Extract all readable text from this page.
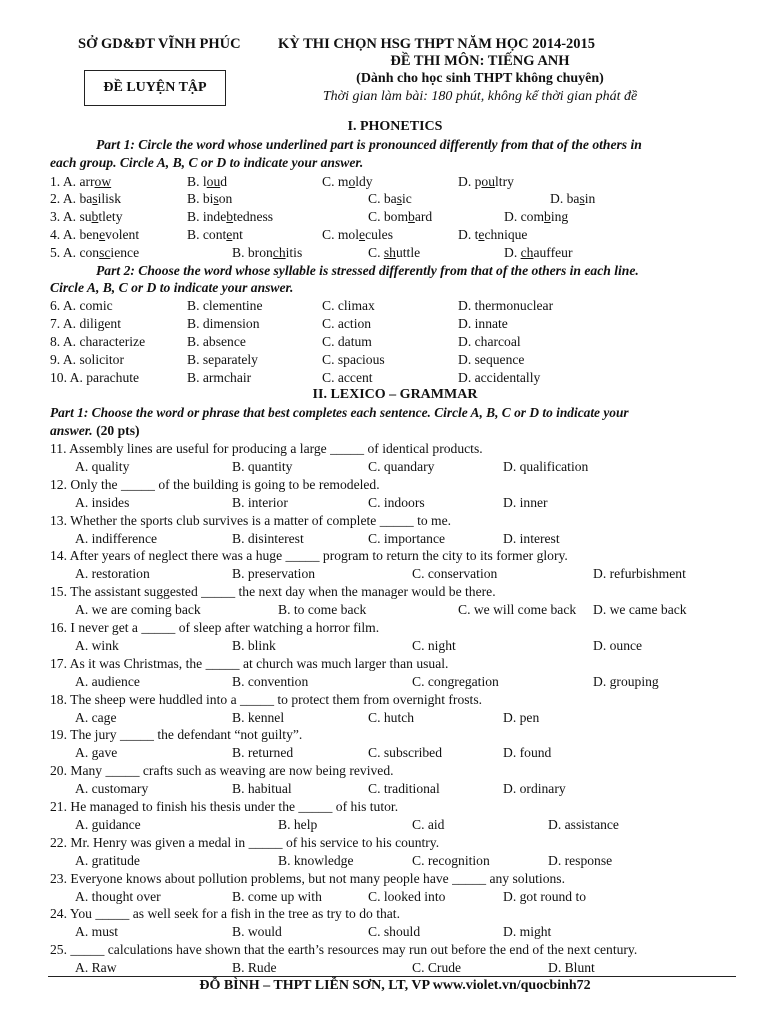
SỞ GD&ĐT VĨNH PHÚC	KỲ THI CHỌN HSG THPT NĂM HỌC 2014-2015
ĐỀ THI MÔN: TIẾNG ANH
(Dành cho học sinh THPT không chuyên)
Thời gian làm bài: 180 phút, không kể thời gian phát đề
ĐỀ LUYỆN TẬP
I. PHONETICS
Part 1: Circle the word whose underlined part is pronounced differently from that of the others in
each group. Circle A, B, C or D to indicate your answer.
1. A. arrow	B. loud	C. moldy	D. poultry
2. A. basilisk	B. bison	C. basic	D. basin
3. A. subtlety	B. indebtedness	C. bombard	D. combing
4. A. benevolent	B. content	C. molecules	D. technique
5. A. conscience	B. bronchitis	C. shuttle	D. chauffeur
Part 2: Choose the word whose syllable is stressed differently from that of the others in each line.
Circle A, B, C or D to indicate your answer.
6. A. comic	B. clementine	C. climax	D. thermonuclear
7. A. diligent	B. dimension	C. action	D. innate
8. A. characterize	B. absence	C. datum	D. charcoal
9. A. solicitor	B. separately	C. spacious	D. sequence
10. A. parachute	B. armchair	C. accent	D. accidentally
II. LEXICO – GRAMMAR
Part 1: Choose the word or phrase that best completes each sentence. Circle A, B, C or D to indicate your
answer. (20 pts)
11. Assembly lines are useful for producing a large _____ of identical products.
A. quality	B. quantity	C. quandary	D. qualification
12. Only the _____ of the building is going to be remodeled.
A. insides	B. interior	C. indoors	D. inner
13. Whether the sports club survives is a matter of complete _____ to me.
A. indifference	B. disinterest	C. importance	D. interest
14. After years of neglect there was a huge _____ program to return the city to its former glory.
A. restoration	B. preservation	C. conservation	D. refurbishment
15. The assistant suggested _____ the next day when the manager would be there.
A. we are coming back	B. to come back	C. we will come back D. we came back
16. I never get a _____ of sleep after watching a horror film.
A. wink	B. blink	C. night	D. ounce
17. As it was Christmas, the _____ at church was much larger than usual.
A. audience	B. convention	C. congregation	D. grouping
18. The sheep were huddled into a _____ to protect them from overnight frosts.
A. cage	B. kennel	C. hutch	D. pen
19. The jury _____ the defendant “not guilty”.
A. gave	B. returned	C. subscribed	D. found
20. Many _____ crafts such as weaving are now being revived.
A. customary	B. habitual	C. traditional	D. ordinary
21. He managed to finish his thesis under the _____ of his tutor.
A. guidance	B. help	C. aid	D. assistance
22. Mr. Henry was given a medal in _____ of his service to his country.
A. gratitude	B. knowledge	C. recognition	D. response
23. Everyone knows about pollution problems, but not many people have _____ any solutions.
A. thought over	B. come up with	C. looked into	D. got round to
24. You _____ as well seek for a fish in the tree as try to do that.
A. must	B. would	C. should	D. might
25. _____ calculations have shown that the earth’s resources may run out before the end of the next century.
A. Raw	B. Rude	C. Crude	D. Blunt
ĐỖ BÌNH – THPT LIỄN SƠN, LT, VP www.violet.vn/quocbinh72
